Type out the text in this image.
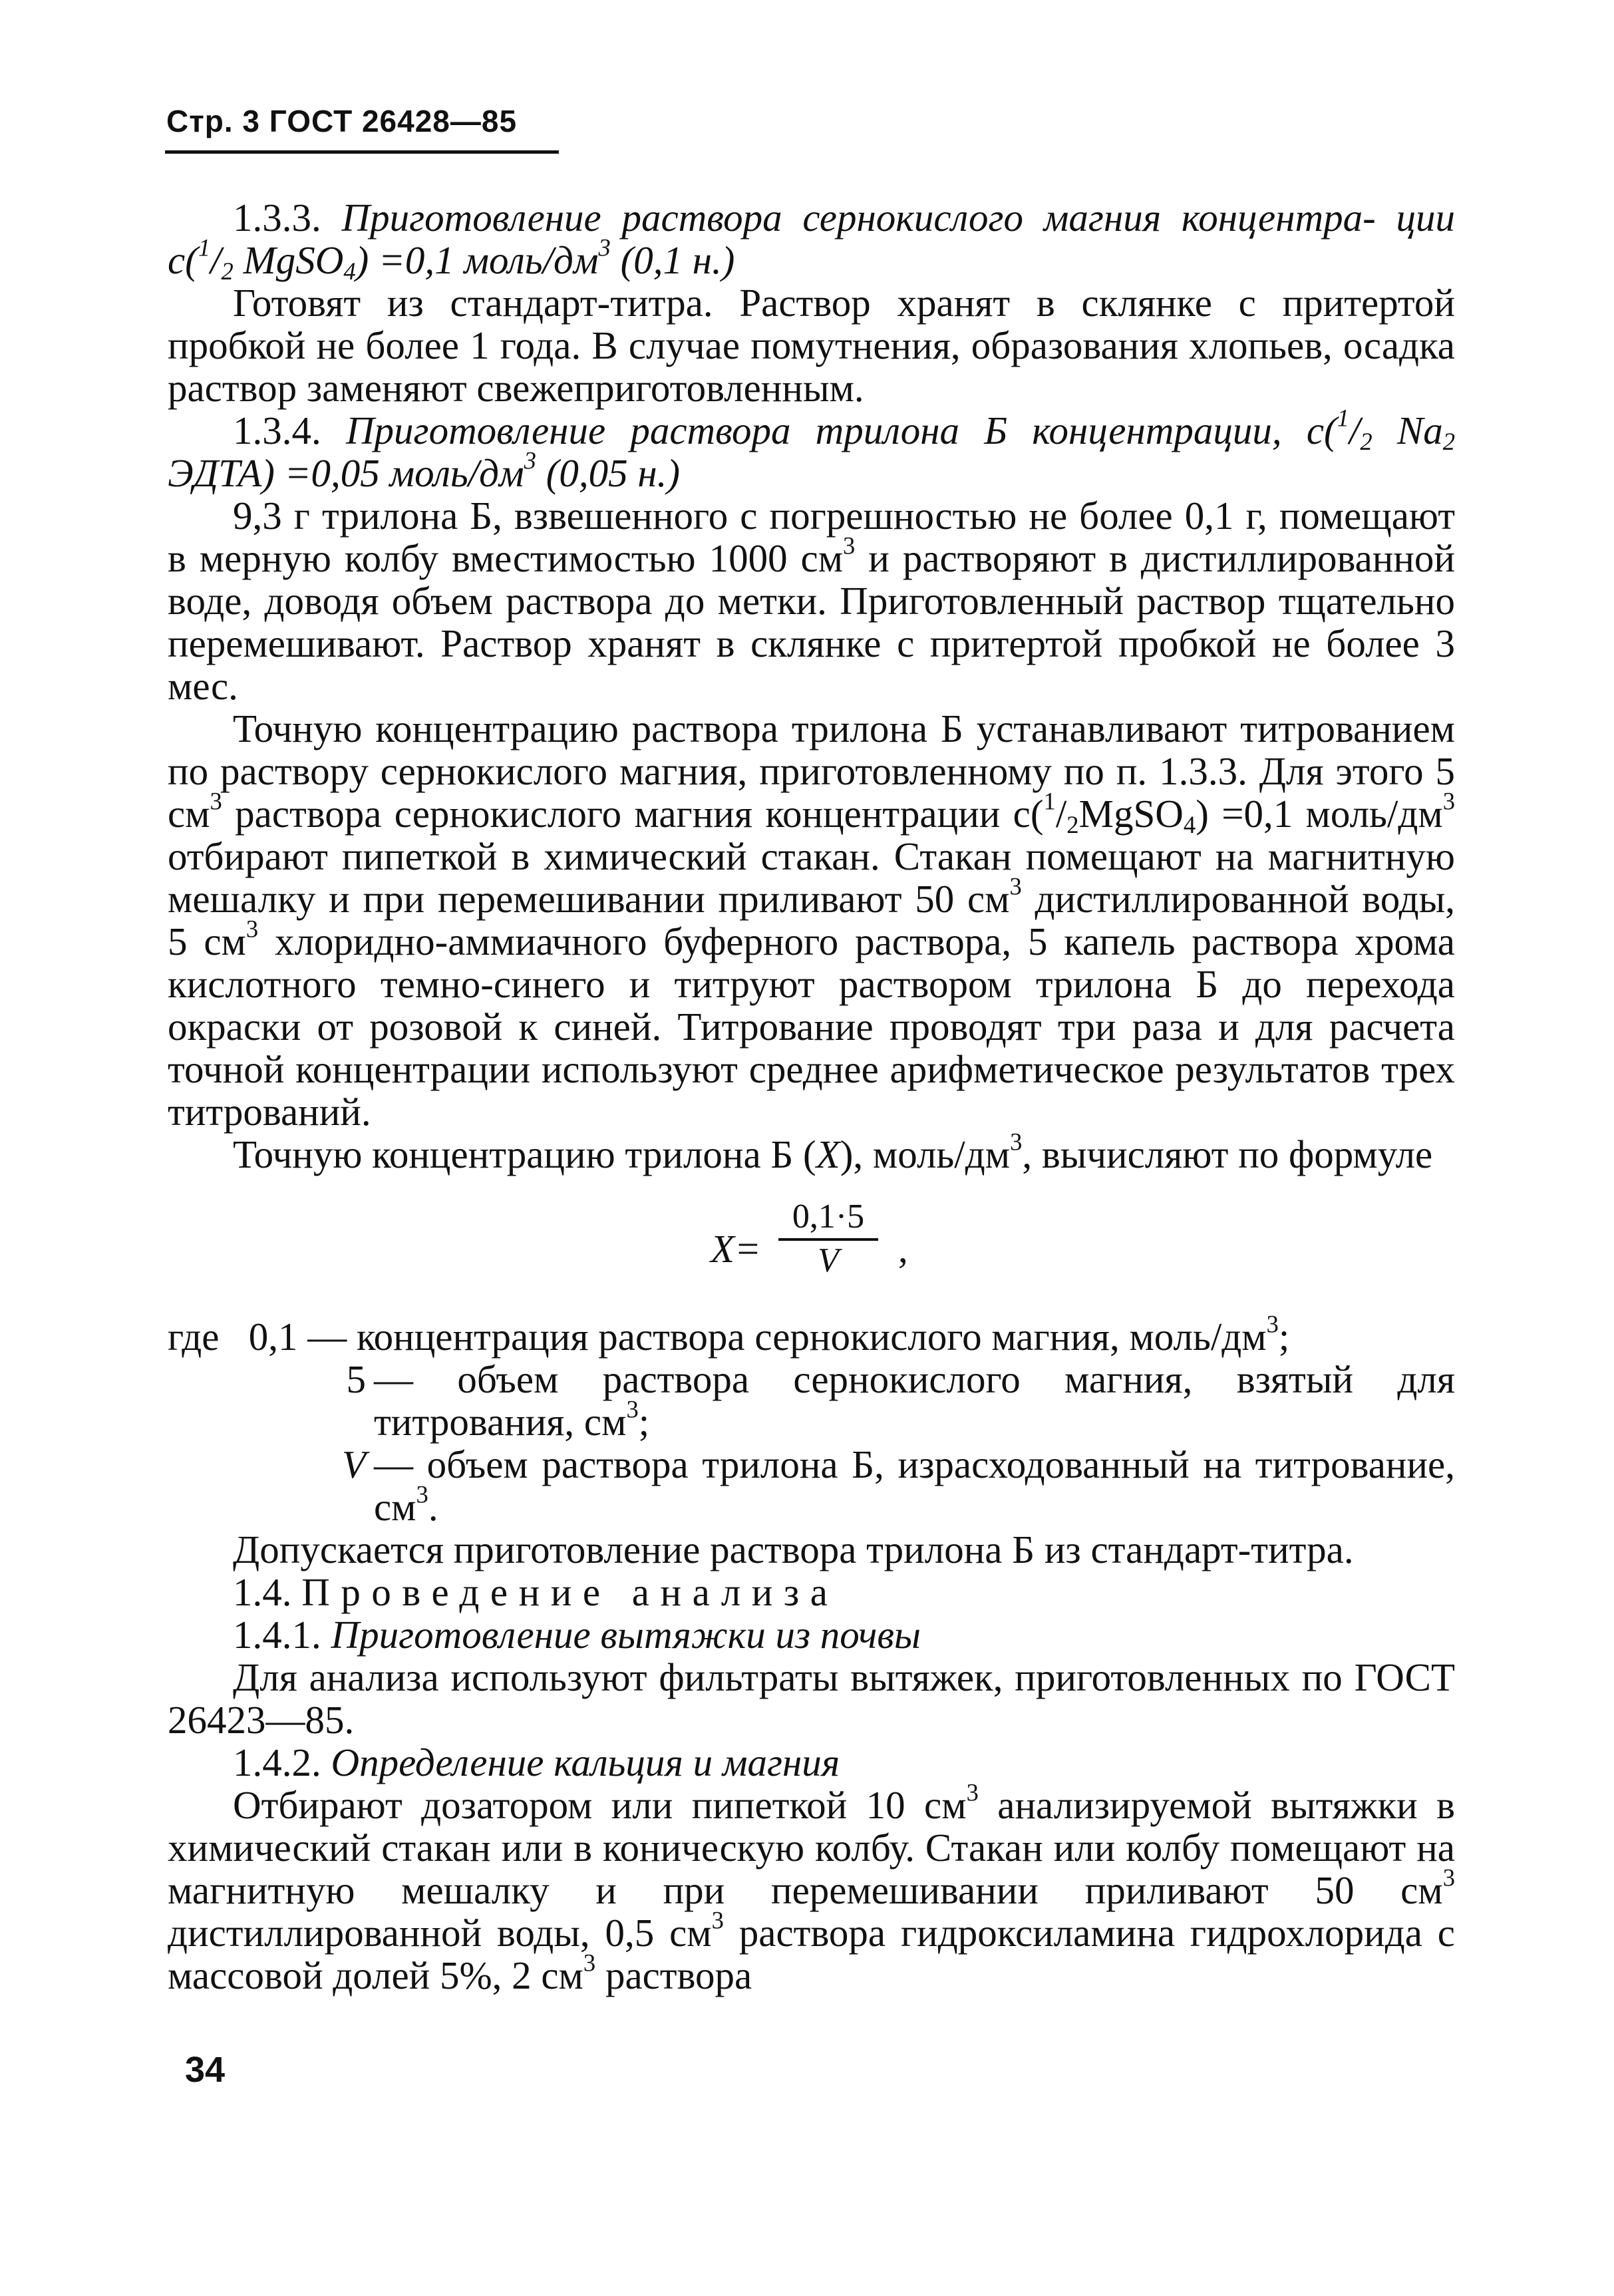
Стр. 3 ГОСТ 26428—85

1.3.3. Приготовление раствора сернокислого магния концентра- ции $с(^1/_2$ MgSO$_4$) =0,1 моль/$дм^3$ (0,1 н.)

Готовят из стандарт-титра. Раствор хранят в склянке с притертой пробкой не более 1 года. В случае помутнения, образования хлопьев, осадка раствор заменяют свежеприготовленным.

1.3.4. Приготовление раствора трилона Б концентрации, $с(^1/_2$ $Na_2$ ЭДТА) =0,05 моль/$дм^3$ (0,05 н.)

9,3 г трилона Б, взвешенного с погрешностью не более 0,1 г, помещают в мерную колбу вместимостью 1000 $см^3$ и растворяют в дистиллированной воде, доводя объем раствора до метки. Приготовленный раствор тщательно перемешивают. Раствор хранят в склянке с притертой пробкой не более 3 мес.

Точную концентрацию раствора трилона Б устанавливают титрованием по раствору сернокислого магния, приготовленному по п. 1.3.3. Для этого 5 $см^3$ раствора сернокислого магния концентрации $с(^1/_2MgSO_4) =0,1$ моль/$дм^3$ отбирают пипеткой в химический стакан. Стакан помещают на магнитную мешалку и при перемешивании приливают 50 $см^3$ дистиллированной воды, 5 $см^3$ хлоридно-аммиачного буферного раствора, 5 капель раствора хрома кислотного темно-синего и титруют раствором трилона Б до перехода окраски от розовой к синей. Титрование проводят три раза и для расчета точной концентрации используют среднее арифметическое результатов трех титрований.

Точную концентрацию трилона Б (X), моль/$дм^3$, вычисляют по формуле

$X= \frac{0,1\cdot 5}{V}$ ,
где 0,1 — концентрация раствора сернокислого магния, моль/$дм^3$;
5 — объем раствора сернокислого магния, взятый для титрования, $см^3$;
V — объем раствора трилона Б, израсходованный на титрование, $см^3$.

Допускается приготовление раствора трилона Б из стандарт-титра.

1.4. Проведение анализа

1.4.1. Приготовление вытяжки из почвы

Для анализа используют фильтраты вытяжек, приготовленных по ГОСТ 26423—85.

1.4.2. Определение кальция и магния

Отбирают дозатором или пипеткой 10 $см^3$ анализируемой вытяжки в химический стакан или в коническую колбу. Стакан или колбу помещают на магнитную мешалку и при перемешивании приливают 50 $см^3$ дистиллированной воды, 0,5 $см^3$ раствора гидроксиламина гидрохлорида с массовой долей 5%, 2 $см^3$ раствора

34
